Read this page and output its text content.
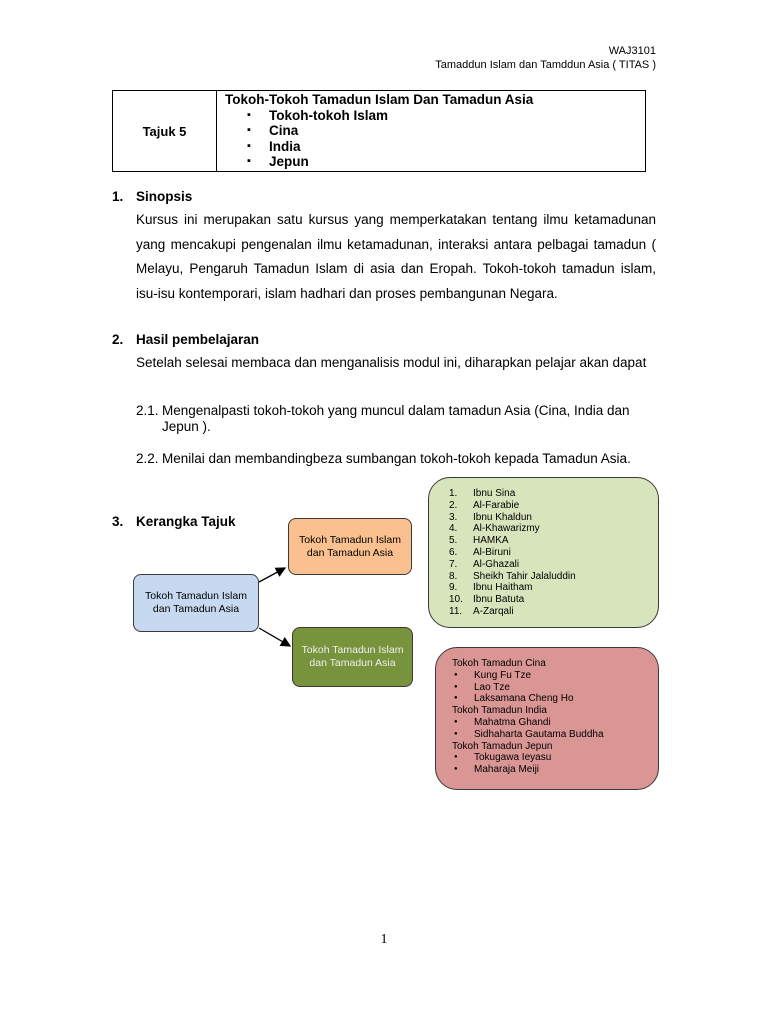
WAJ3101
Tamaddun Islam dan Tamddun Asia ( TITAS )
Tajuk 5
Tokoh-Tokoh Tamadun Islam Dan Tamadun Asia
▪ Tokoh-tokoh Islam
▪ Cina
▪ India
▪ Jepun
1. Sinopsis
Kursus ini merupakan satu kursus yang memperkatakan tentang ilmu ketamadunan yang mencakupi pengenalan ilmu ketamadunan, interaksi antara pelbagai tamadun ( Melayu, Pengaruh Tamadun Islam di asia dan Eropah. Tokoh-tokoh tamadun islam, isu-isu kontemporari, islam hadhari dan proses pembangunan Negara.
2. Hasil pembelajaran
Setelah selesai membaca dan menganalisis modul ini, diharapkan pelajar akan dapat
2.1. Mengenalpasti tokoh-tokoh yang muncul dalam tamadun Asia (Cina, India dan Jepun ).
2.2. Menilai dan membandingbeza sumbangan tokoh-tokoh kepada Tamadun Asia.
3. Kerangka Tajuk
Tokoh Tamadun Islam dan Tamadun Asia
Tokoh Tamadun Islam dan Tamadun Asia
Tokoh Tamadun Islam dan Tamadun Asia
1.	Ibnu Sina
2.	Al-Farabie
3.	Ibnu Khaldun
4.	Al-Khawarizmy
5.	HAMKA
6.	Al-Biruni
7.	Al-Ghazali
8.	Sheikh Tahir Jalaluddin
9.	Ibnu Haitham
10.	Ibnu Batuta
11.	A-Zarqali
Tokoh Tamadun Cina
● Kung Fu Tze
● Lao Tze
● Laksamana Cheng Ho
Tokoh Tamadun India
● Mahatma Ghandi
● Sidhaharta Gautama Buddha
Tokoh Tamadun Jepun
● Tokugawa Ieyasu
● Maharaja Meiji
1
